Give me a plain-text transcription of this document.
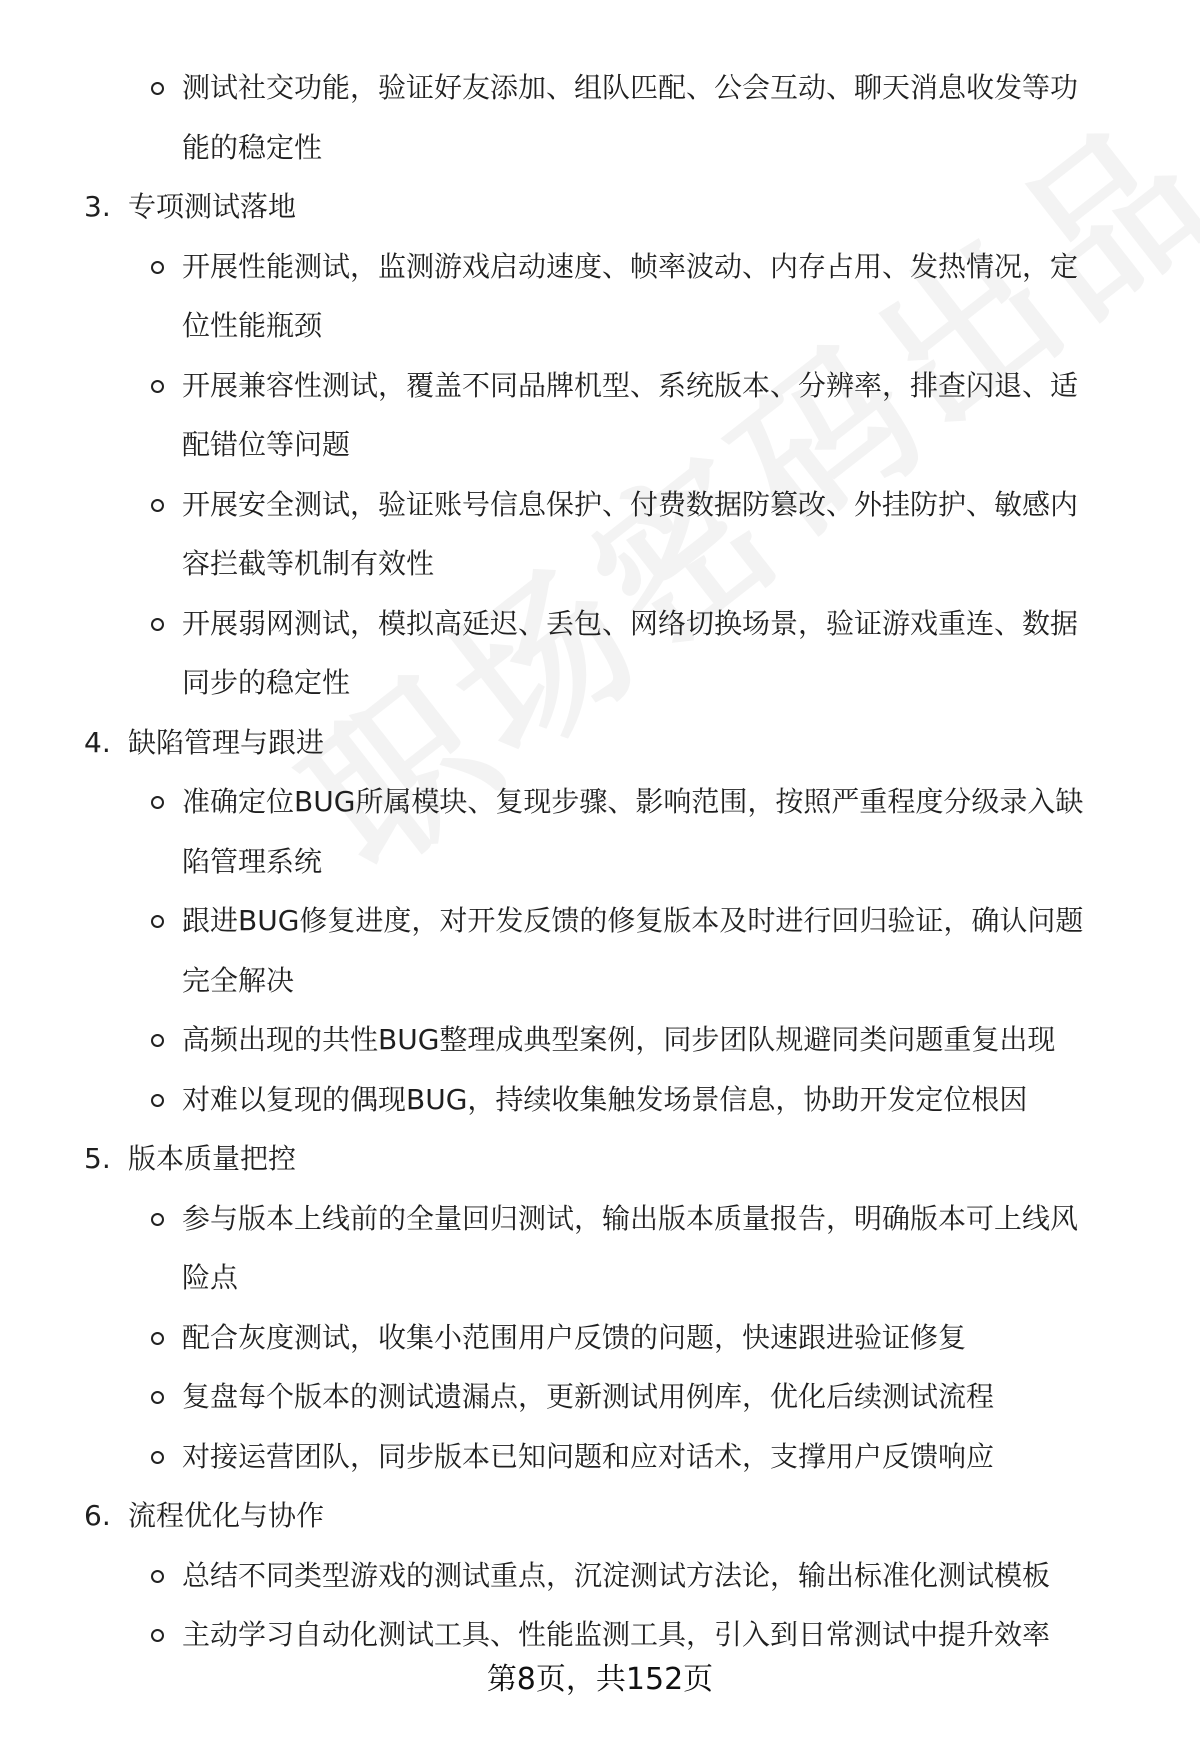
测试社交功能，验证好友添加、组队匹配、公会互动、聊天消息收发等功
能的稳定性
3. 专项测试落地
开展性能测试，监测游戏启动速度、帧率波动、内存占用、发热情况，定
位性能瓶颈
开展兼容性测试，覆盖不同品牌机型、系统版本、分辨率，排查闪退、适
配错位等问题
开展安全测试，验证账号信息保护、付费数据防篡改、外挂防护、敏感内
容拦截等机制有效性
开展弱网测试，模拟高延迟、丢包、网络切换场景，验证游戏重连、数据
同步的稳定性
4. 缺陷管理与跟进
准确定位BUG所属模块、复现步骤、影响范围，按照严重程度分级录入缺
陷管理系统
跟进BUG修复进度，对开发反馈的修复版本及时进行回归验证，确认问题
完全解决
高频出现的共性BUG整理成典型案例，同步团队规避同类问题重复出现
对难以复现的偶现BUG，持续收集触发场景信息，协助开发定位根因
5. 版本质量把控
参与版本上线前的全量回归测试，输出版本质量报告，明确版本可上线风
险点
配合灰度测试，收集小范围用户反馈的问题，快速跟进验证修复
复盘每个版本的测试遗漏点，更新测试用例库，优化后续测试流程
对接运营团队，同步版本已知问题和应对话术，支撑用户反馈响应
6. 流程优化与协作
总结不同类型游戏的测试重点，沉淀测试方法论，输出标准化测试模板
主动学习自动化测试工具、性能监测工具，引入到日常测试中提升效率
第8页，共152页
